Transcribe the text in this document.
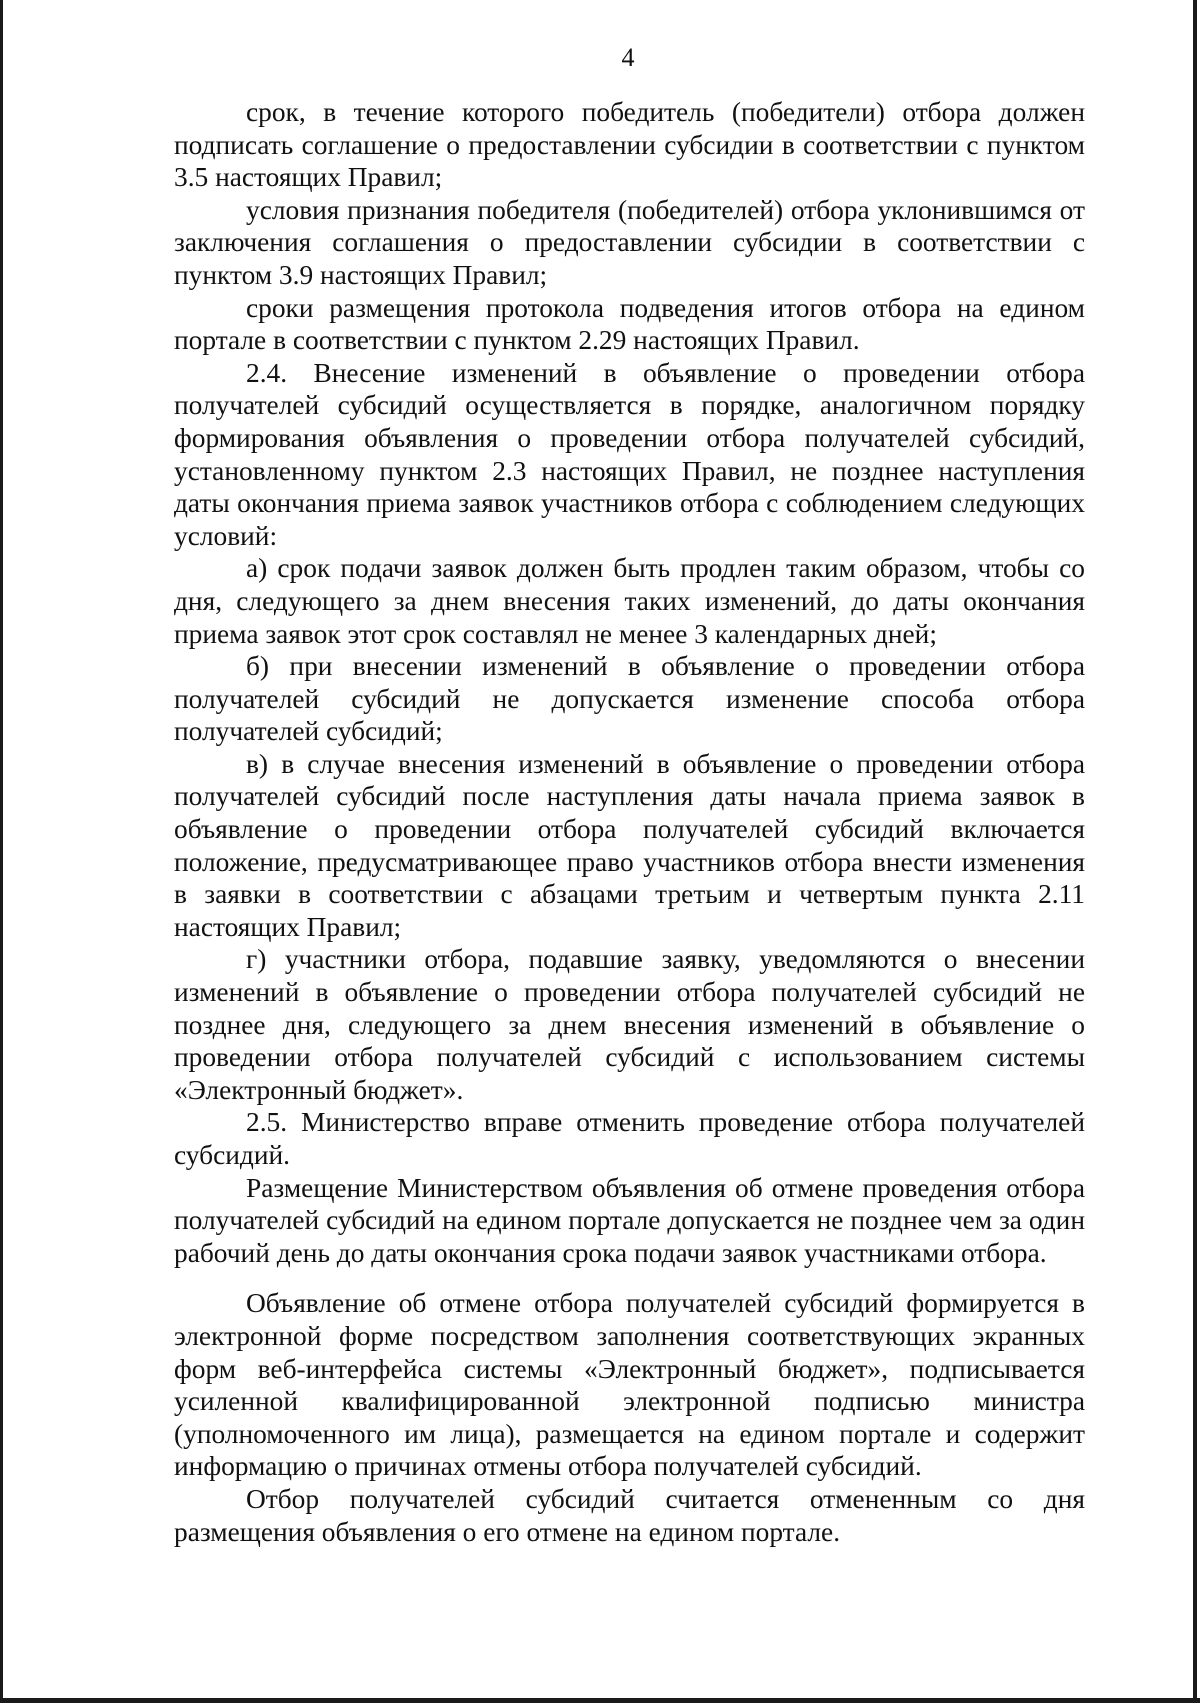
4

срок, в течение которого победитель (победители) отбора должен подписать соглашение о предоставлении субсидии в соответствии с пунктом 3.5 настоящих Правил;

условия признания победителя (победителей) отбора уклонившимся от заключения соглашения о предоставлении субсидии в соответствии с пунктом 3.9 настоящих Правил;

сроки размещения протокола подведения итогов отбора на едином портале в соответствии с пунктом 2.29 настоящих Правил.

2.4. Внесение изменений в объявление о проведении отбора получателей субсидий осуществляется в порядке, аналогичном порядку формирования объявления о проведении отбора получателей субсидий, установленному пунктом 2.3 настоящих Правил, не позднее наступления даты окончания приема заявок участников отбора с соблюдением следующих условий:

а) срок подачи заявок должен быть продлен таким образом, чтобы со дня, следующего за днем внесения таких изменений, до даты окончания приема заявок этот срок составлял не менее 3 календарных дней;

б) при внесении изменений в объявление о проведении отбора получателей субсидий не допускается изменение способа отбора получателей субсидий;

в) в случае внесения изменений в объявление о проведении отбора получателей субсидий после наступления даты начала приема заявок в объявление о проведении отбора получателей субсидий включается положение, предусматривающее право участников отбора внести изменения в заявки в соответствии с абзацами третьим и четвертым пункта 2.11 настоящих Правил;

г) участники отбора, подавшие заявку, уведомляются о внесении изменений в объявление о проведении отбора получателей субсидий не позднее дня, следующего за днем внесения изменений в объявление о проведении отбора получателей субсидий с использованием системы «Электронный бюджет».

2.5. Министерство вправе отменить проведение отбора получателей субсидий.

Размещение Министерством объявления об отмене проведения отбора получателей субсидий на едином портале допускается не позднее чем за один рабочий день до даты окончания срока подачи заявок участниками отбора.

Объявление об отмене отбора получателей субсидий формируется в электронной форме посредством заполнения соответствующих экранных форм веб-интерфейса системы «Электронный бюджет», подписывается усиленной квалифицированной электронной подписью министра (уполномоченного им лица), размещается на едином портале и содержит информацию о причинах отмены отбора получателей субсидий.

Отбор получателей субсидий считается отмененным со дня размещения объявления о его отмене на едином портале.
